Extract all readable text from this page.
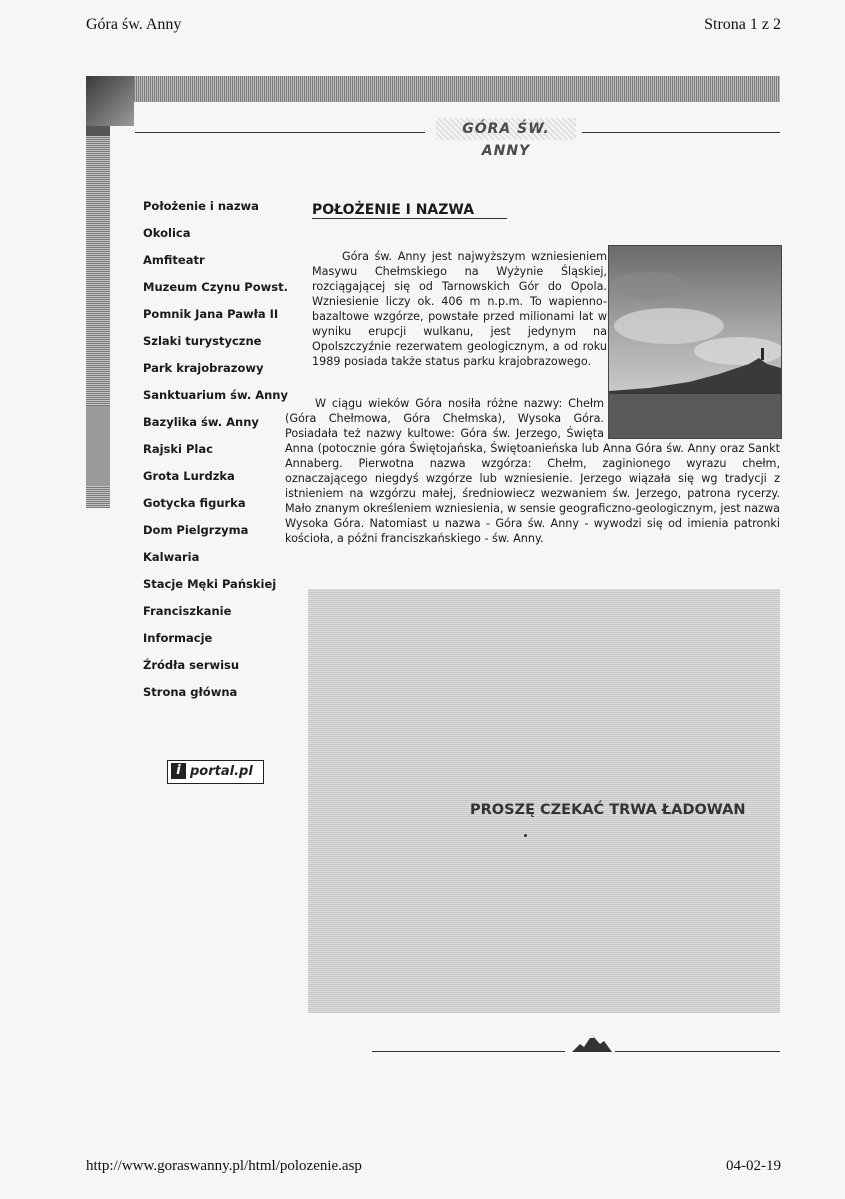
Góra św. Anny	Strona 1 z 2
GÓRA ŚW. ANNY
Położenie i nazwa
Okolica
Amfiteatr
Muzeum Czynu Powst.
Pomnik Jana Pawła II
Szlaki turystyczne
Park krajobrazowy
Sanktuarium św. Anny
Bazylika św. Anny
Rajski Plac
Grota Lurdzka
Gotycka figurka
Dom Pielgrzyma
Kalwaria
Stacje Męki Pańskiej
Franciszkanie
Informacje
Źródła serwisu
Strona główna
i portal.pl
POŁOŻENIE I NAZWA
Góra św. Anny jest najwyższym wzniesieniem Masywu Chełmskiego na Wyżynie Śląskiej, rozciągającej się od Tarnowskich Gór do Opola. Wzniesienie liczy ok. 406 m n.p.m. To wapienno-bazaltowe wzgórze, powstałe przed milionami lat w wyniku erupcji wulkanu, jest jedynym na Opolszczyźnie rezerwatem geologicznym, a od roku 1989 posiada także status parku krajobrazowego.
W ciągu wieków Góra nosiła różne nazwy: Chełm (Góra Chełmowa, Góra Chełmska), Wysoka Góra. Posiadała też nazwy kultowe: Góra św. Jerzego, Święta Anna (potocznie góra Świętojańska, Świętoanieńska lub Anna Góra św. Anny oraz Sankt Annaberg. Pierwotna nazwa wzgórza: Chełm, zaginionego wyrazu chełm, oznaczającego niegdyś wzgórze lub wzniesienie. Jerzego wiązała się wg tradycji z istnieniem na wzgórzu małej, średniowiecz wezwaniem św. Jerzego, patrona rycerzy. Mało znanym określeniem wzniesienia, w sensie geograficzno-geologicznym, jest nazwa Wysoka Góra. Natomiast u nazwa - Góra św. Anny - wywodzi się od imienia patronki kościoła, a późni franciszkańskiego - św. Anny.
PROSZĘ CZEKAĆ TRWA ŁADOWAN
http://www.goraswanny.pl/html/polozenie.asp	04-02-19
